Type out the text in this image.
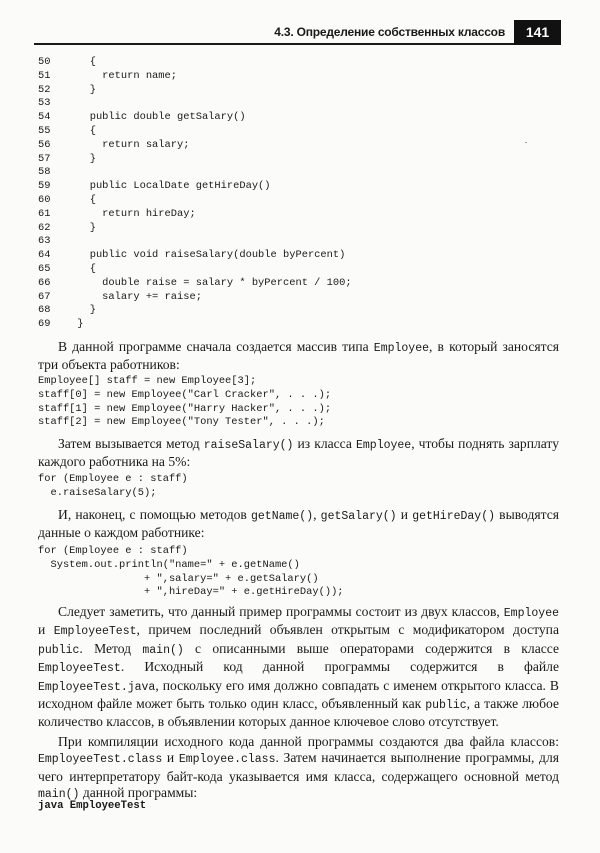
4.3. Определение собственных классов	141
50   {
51     return name;
52   }
53
54   public double getSalary()
55   {
56     return salary;
57   }
58
59   public LocalDate getHireDay()
60   {
61     return hireDay;
62   }
63
64   public void raiseSalary(double byPercent)
65   {
66     double raise = salary * byPercent / 100;
67     salary += raise;
68   }
69 }

В данной программе сначала создается массив типа Employee, в который заносятся три объекта работников:

Employee[] staff = new Employee[3];
staff[0] = new Employee("Carl Cracker", . . .);
staff[1] = new Employee("Harry Hacker", . . .);
staff[2] = new Employee("Tony Tester", . . .);

Затем вызывается метод raiseSalary() из класса Employee, чтобы поднять зарплату каждого работника на 5%:

for (Employee e : staff)
e.raiseSalary(5);

И, наконец, с помощью методов getName(), getSalary() и getHireDay() выводятся данные о каждом работнике:

for (Employee e : staff)
System.out.println("name=" + e.getName()
+ ",salary=" + e.getSalary()
+ ",hireDay=" + e.getHireDay());

Следует заметить, что данный пример программы состоит из двух классов, Employee и EmployeeTest, причем последний объявлен открытым с модификатором доступа public. Метод main() с описанными выше операторами содержится в классе EmployeeTest. Исходный код данной программы содержится в файле EmployeeTest.java, поскольку его имя должно совпадать с именем открытого класса. В исходном файле может быть только один класс, объявленный как public, а также любое количество классов, в объявлении которых данное ключевое слово отсутствует.

При компиляции исходного кода данной программы создаются два файла классов: EmployeeTest.class и Employee.class. Затем начинается выполнение программы, для чего интерпретатору байт-кода указывается имя класса, содержащего основной метод main() данной программы:

java EmployeeTest
